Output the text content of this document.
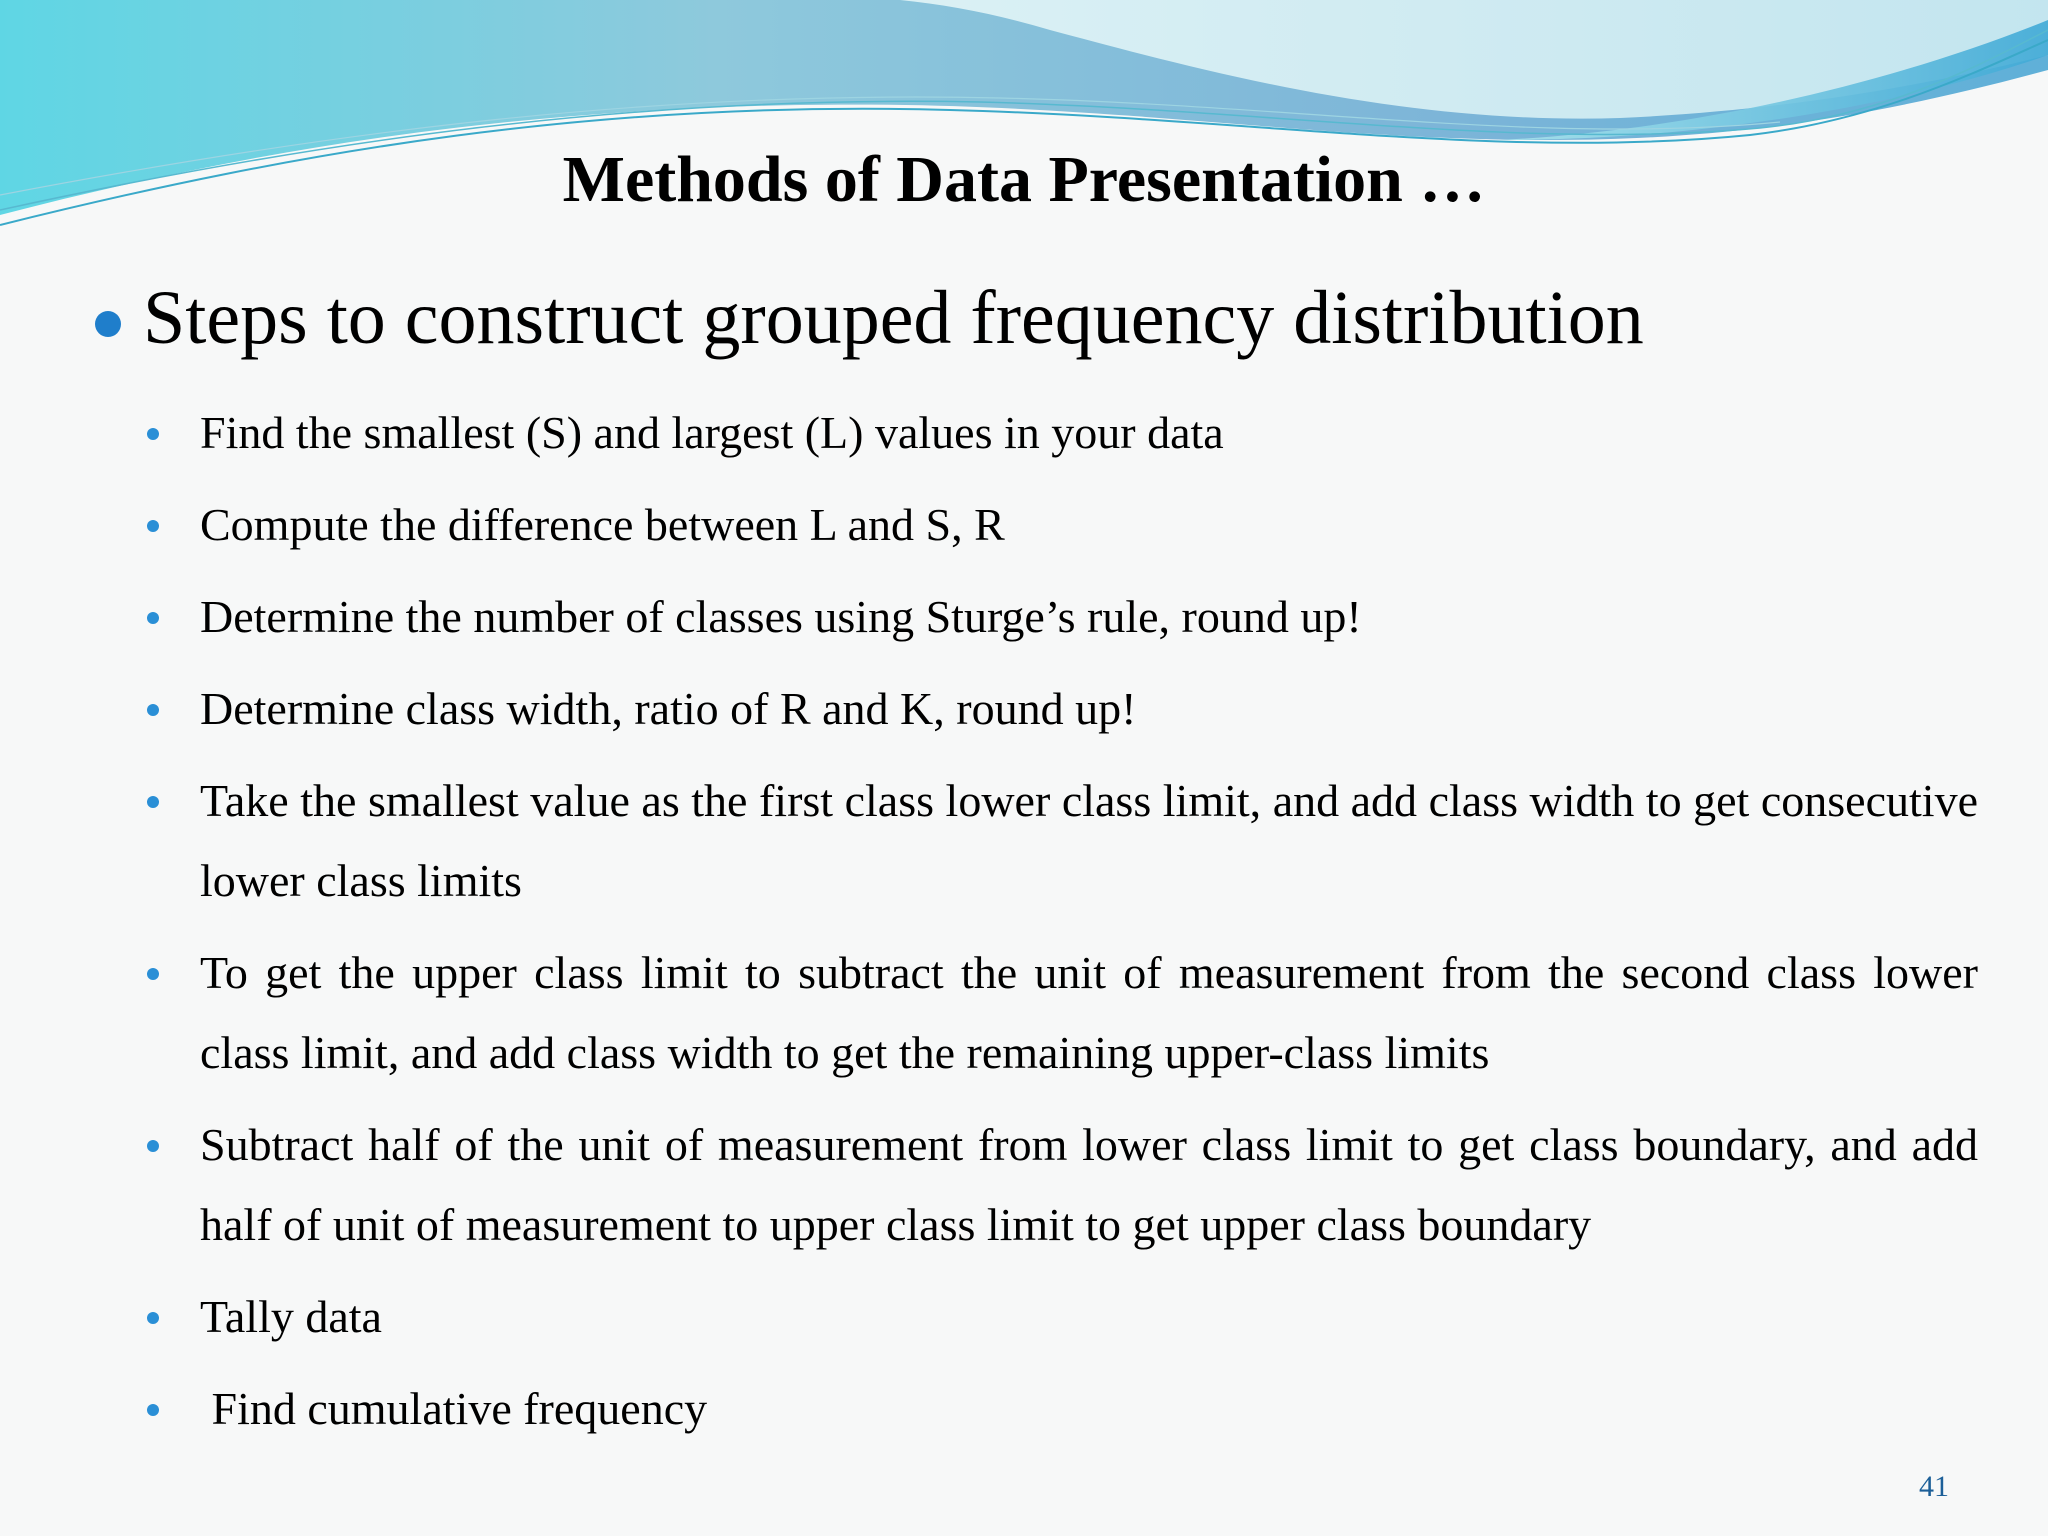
Methods of Data Presentation …
Steps to construct grouped frequency distribution
Find the smallest (S) and largest (L) values in your data
Compute the difference between L and S, R
Determine the number of classes using Sturge’s rule, round up!
Determine class width, ratio of R and K, round up!
Take the smallest value as the first class lower class limit, and add class width to get consecutive lower class limits
To get the upper class limit to subtract the unit of measurement from the second class lower class limit, and add class width to get the remaining upper-class limits
Subtract half of the unit of measurement from lower class limit to get class boundary, and add half of unit of measurement to upper class limit to get upper class boundary
Tally data
Find cumulative frequency
41
